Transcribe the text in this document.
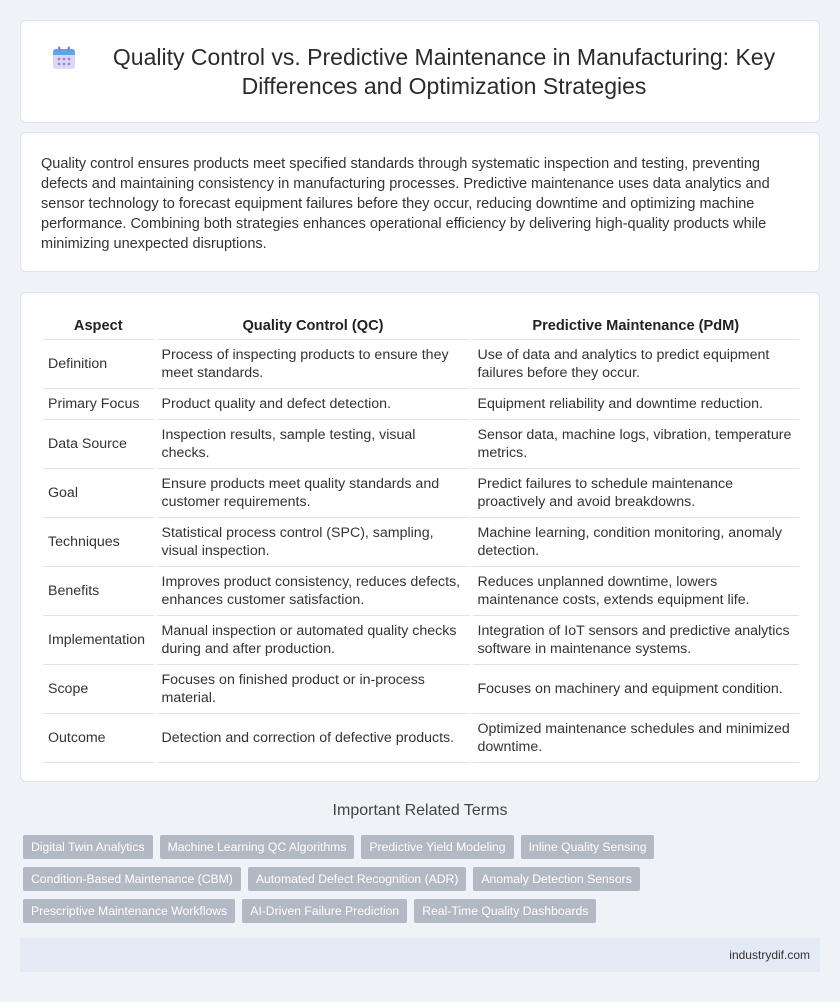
Quality Control vs. Predictive Maintenance in Manufacturing: Key Differences and Optimization Strategies

Quality control ensures products meet specified standards through systematic inspection and testing, preventing defects and maintaining consistency in manufacturing processes. Predictive maintenance uses data analytics and sensor technology to forecast equipment failures before they occur, reducing downtime and optimizing machine performance. Combining both strategies enhances operational efficiency by delivering high-quality products while minimizing unexpected disruptions.

Aspect	Quality Control (QC)	Predictive Maintenance (PdM)
Definition	Process of inspecting products to ensure they meet standards.	Use of data and analytics to predict equipment failures before they occur.
Primary Focus	Product quality and defect detection.	Equipment reliability and downtime reduction.
Data Source	Inspection results, sample testing, visual checks.	Sensor data, machine logs, vibration, temperature metrics.
Goal	Ensure products meet quality standards and customer requirements.	Predict failures to schedule maintenance proactively and avoid breakdowns.
Techniques	Statistical process control (SPC), sampling, visual inspection.	Machine learning, condition monitoring, anomaly detection.
Benefits	Improves product consistency, reduces defects, enhances customer satisfaction.	Reduces unplanned downtime, lowers maintenance costs, extends equipment life.
Implementation	Manual inspection or automated quality checks during and after production.	Integration of IoT sensors and predictive analytics software in maintenance systems.
Scope	Focuses on finished product or in-process material.	Focuses on machinery and equipment condition.
Outcome	Detection and correction of defective products.	Optimized maintenance schedules and minimized downtime.
Important Related Terms
Digital Twin Analytics	Machine Learning QC Algorithms	Predictive Yield Modeling	Inline Quality Sensing
Condition-Based Maintenance (CBM)	Automated Defect Recognition (ADR)	Anomaly Detection Sensors
Prescriptive Maintenance Workflows	AI-Driven Failure Prediction	Real-Time Quality Dashboards
industrydif.com
